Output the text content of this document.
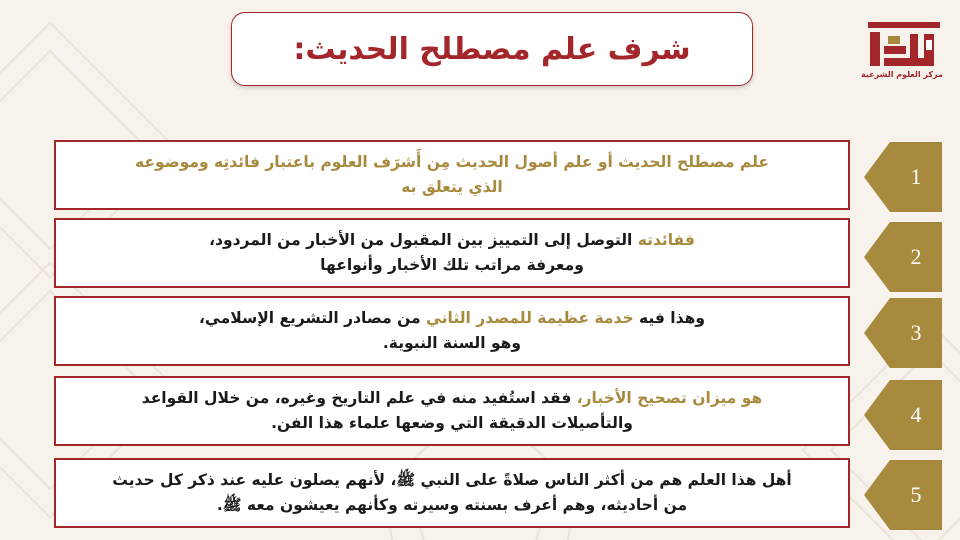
مركز العلوم الشرعية
شرف علم مصطلح الحديث:
علم مصطلح الحديث أو علم أصول الحديث مِن أَشرَف العلوم باعتبار فائدتِه وموضوعه
الذي يتعلق به	1
ففائدته التوصل إلى التمييز بين المقبول من الأخبار من المردود،
ومعرفة مراتب تلك الأخبار وأنواعها	2
وهذا فيه خدمة عظيمة للمصدر الثاني من مصادر التشريع الإسلامي،
وهو السنة النبوية.	3
هو ميزان تصحيح الأخبار، فقد استُفيد منه في علم التاريخ وغيره، من خلال القواعد
والتأصيلات الدقيقة التي وضعها علماء هذا الفن.	4
أهل هذا العلم هم من أكثر الناس صلاةً على النبي ﷺ، لأنهم يصلون عليه عند ذكر كل حديث
من أحاديثه، وهم أعرف بسنته وسيرته وكأنهم يعيشون معه ﷺ.	5
